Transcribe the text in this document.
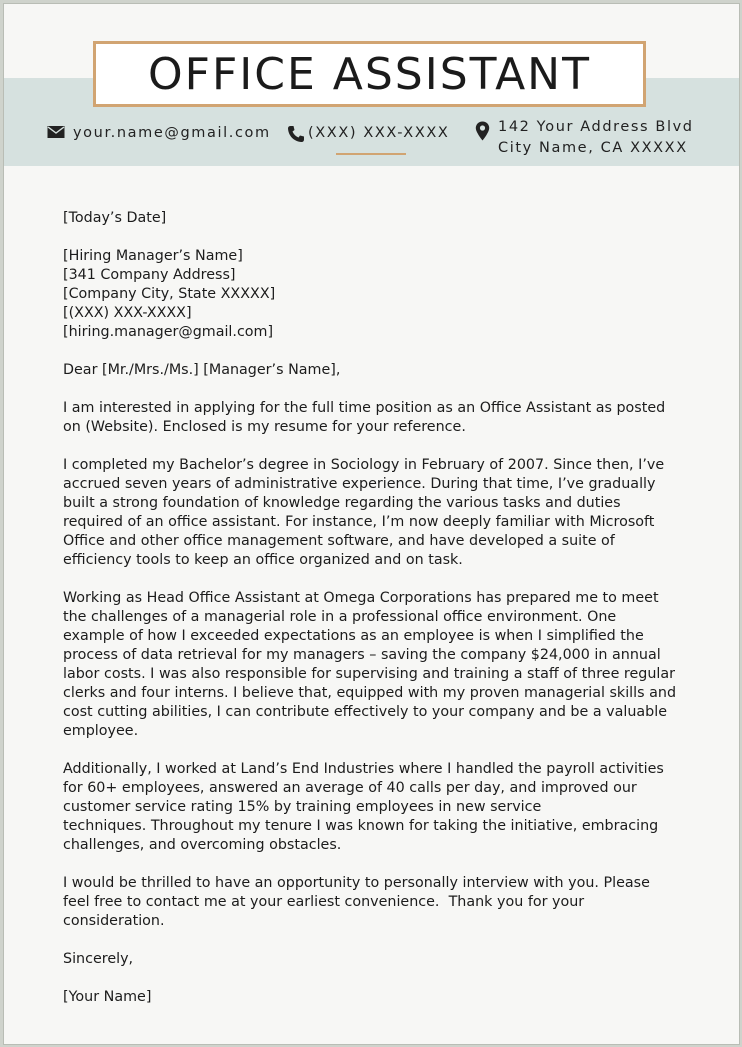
OFFICE ASSISTANT
your.name@gmail.com	(XXX) XXX-XXXX	142 Your Address Blvd
City Name, CA XXXXX

[Today’s Date]

[Hiring Manager’s Name]
[341 Company Address]
[Company City, State XXXXX]
[(XXX) XXX-XXXX]
[hiring.manager@gmail.com]

Dear [Mr./Mrs./Ms.] [Manager’s Name],

I am interested in applying for the full time position as an Office Assistant as posted
on (Website). Enclosed is my resume for your reference.

I completed my Bachelor’s degree in Sociology in February of 2007. Since then, I’ve
accrued seven years of administrative experience. During that time, I’ve gradually
built a strong foundation of knowledge regarding the various tasks and duties
required of an office assistant. For instance, I’m now deeply familiar with Microsoft
Office and other office management software, and have developed a suite of
efficiency tools to keep an office organized and on task.

Working as Head Office Assistant at Omega Corporations has prepared me to meet
the challenges of a managerial role in a professional office environment. One
example of how I exceeded expectations as an employee is when I simplified the
process of data retrieval for my managers – saving the company $24,000 in annual
labor costs. I was also responsible for supervising and training a staff of three regular
clerks and four interns. I believe that, equipped with my proven managerial skills and
cost cutting abilities, I can contribute effectively to your company and be a valuable
employee.

Additionally, I worked at Land’s End Industries where I handled the payroll activities
for 60+ employees, answered an average of 40 calls per day, and improved our
customer service rating 15% by training employees in new service
techniques. Throughout my tenure I was known for taking the initiative, embracing
challenges, and overcoming obstacles.

I would be thrilled to have an opportunity to personally interview with you. Please
feel free to contact me at your earliest convenience.  Thank you for your
consideration.

Sincerely,

[Your Name]
